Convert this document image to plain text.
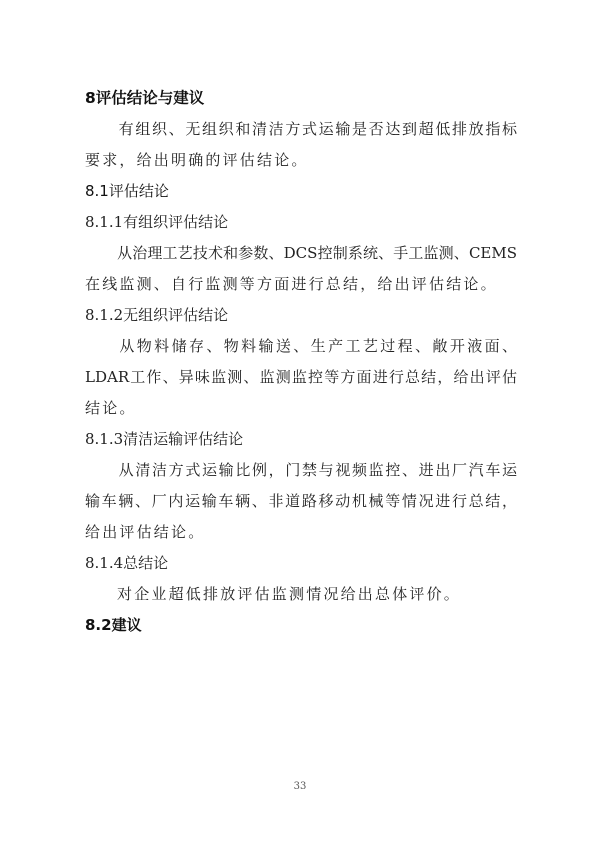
8评估结论与建议
有组织、无组织和清洁方式运输是否达到超低排放指标
要求，给出明确的评估结论。
8.1评估结论
8.1.1有组织评估结论
从治理工艺技术和参数、DCS控制系统、手工监测、CEMS
在线监测、自行监测等方面进行总结，给出评估结论。
8.1.2无组织评估结论
从物料储存、物料输送、生产工艺过程、敞开液面、
LDAR工作、异味监测、监测监控等方面进行总结，给出评估
结论。
8.1.3清洁运输评估结论
从清洁方式运输比例，门禁与视频监控、进出厂汽车运
输车辆、厂内运输车辆、非道路移动机械等情况进行总结，
给出评估结论。
8.1.4总结论
对企业超低排放评估监测情况给出总体评价。
8.2建议
33
